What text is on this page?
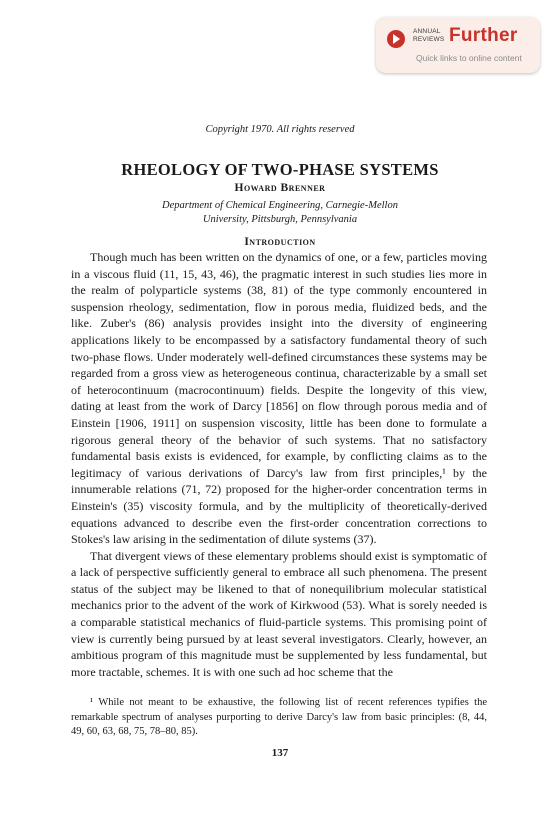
ANNUAL REVIEWS Further
Quick links to online content
Copyright 1970. All rights reserved
RHEOLOGY OF TWO-PHASE SYSTEMS
Howard Brenner
Department of Chemical Engineering, Carnegie-Mellon
University, Pittsburgh, Pennsylvania
Introduction

Though much has been written on the dynamics of one, or a few, particles moving in a viscous fluid (11, 15, 43, 46), the pragmatic interest in such studies lies more in the realm of polyparticle systems (38, 81) of the type commonly encountered in suspension rheology, sedimentation, flow in porous media, fluidized beds, and the like. Zuber's (86) analysis provides insight into the diversity of engineering applications likely to be encompassed by a satisfactory fundamental theory of such two-phase flows. Under moderately well-defined circumstances these systems may be regarded from a gross view as heterogeneous continua, characterizable by a small set of heterocontinuum (macrocontinuum) fields. Despite the longevity of this view, dating at least from the work of Darcy [1856] on flow through porous media and of Einstein [1906, 1911] on suspension viscosity, little has been done to formulate a rigorous general theory of the behavior of such systems. That no satisfactory fundamental basis exists is evidenced, for example, by conflicting claims as to the legitimacy of various derivations of Darcy's law from first principles,¹ by the innumerable relations (71, 72) proposed for the higher-order concentration terms in Einstein's (35) viscosity formula, and by the multiplicity of theoretically-derived equations advanced to describe even the first-order concentration corrections to Stokes's law arising in the sedimentation of dilute systems (37).

That divergent views of these elementary problems should exist is symptomatic of a lack of perspective sufficiently general to embrace all such phenomena. The present status of the subject may be likened to that of nonequilibrium molecular statistical mechanics prior to the advent of the work of Kirkwood (53). What is sorely needed is a comparable statistical mechanics of fluid-particle systems. This promising point of view is currently being pursued by at least several investigators. Clearly, however, an ambitious program of this magnitude must be supplemented by less fundamental, but more tractable, schemes. It is with one such ad hoc scheme that the

¹ While not meant to be exhaustive, the following list of recent references typifies the remarkable spectrum of analyses purporting to derive Darcy's law from basic principles: (8, 44, 49, 60, 63, 68, 75, 78–80, 85).
137
